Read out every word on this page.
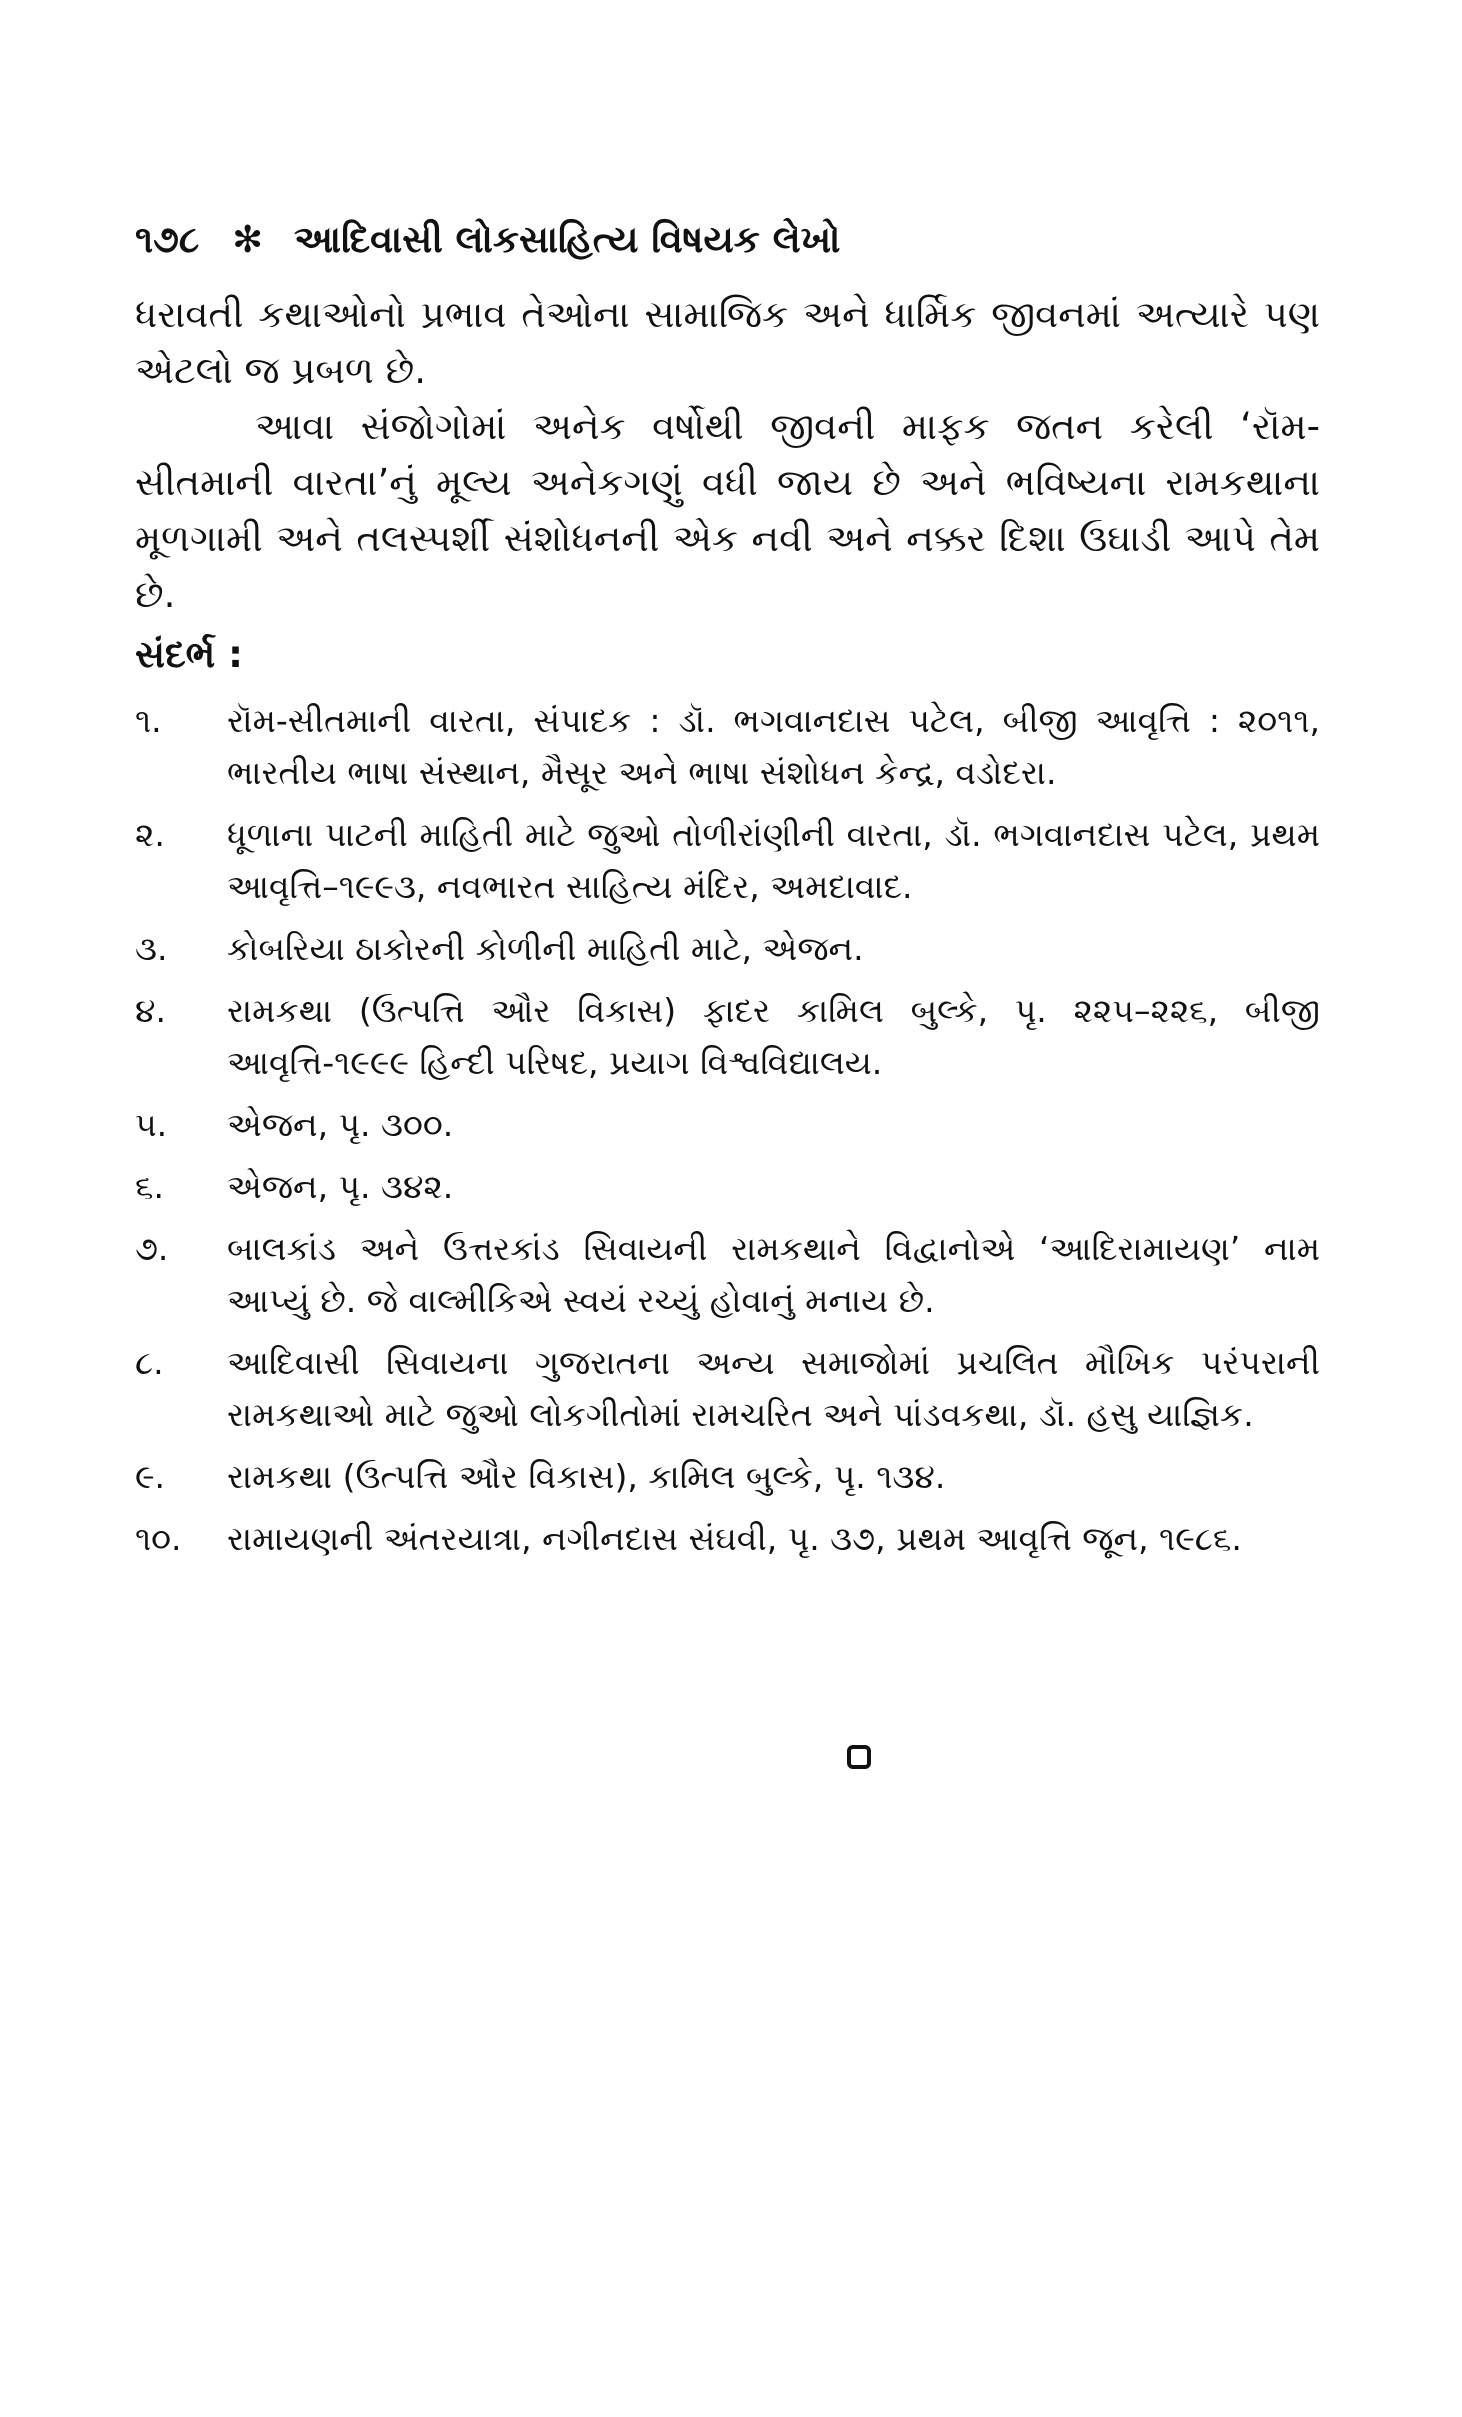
૧૭૮ ✻ આદિવાસી લોકસાહિત્ય વિષયક લેખો

ધરાવતી કથાઓનો પ્રભાવ તેઓના સામાજિક અને ધાર્મિક જીવનમાં અત્યારે પણ એટલો જ પ્રબળ છે.

આવા સંજોગોમાં અનેક વર્ષોથી જીવની માફક જતન કરેલી ‘રૉમ-સીતમાની વારતા’નું મૂલ્ય અનેકગણું વધી જાય છે અને ભવિષ્યના રામકથાના મૂળગામી અને તલસ્પર્શી સંશોધનની એક નવી અને નક્કર દિશા ઉઘાડી આપે તેમ છે.

સંદર્ભ :
૧.	રૉમ-સીતમાની વારતા, સંપાદક : ડૉ. ભગવાનદાસ પટેલ, બીજી આવૃત્તિ : ૨૦૧૧, ભારતીય ભાષા સંસ્થાન, મૈસૂર અને ભાષા સંશોધન કેન્દ્ર, વડોદરા.
૨.	ધૂળાના પાટની માહિતી માટે જુઓ તોળીરાંણીની વારતા, ડૉ. ભગવાનદાસ પટેલ, પ્રથમ આવૃત્તિ–૧૯૯૩, નવભારત સાહિત્ય મંદિર, અમદાવાદ.
૩.	કોબરિયા ઠાકોરની કોળીની માહિતી માટે, એજન.
૪.	રામકથા (ઉત્પત્તિ ઔર વિકાસ) ફાદર કામિલ બુલ્કે, પૃ. ૨૨૫–૨૨૬, બીજી આવૃત્તિ-૧૯૯૯ હિન્દી પરિષદ, પ્રયાગ વિશ્વવિદ્યાલય.
૫.	એજન, પૃ. ૩૦૦.
૬.	એજન, પૃ. ૩૪૨.
૭.	બાલકાંડ અને ઉત્તરકાંડ સિવાયની રામકથાને વિદ્વાનોએ ‘આદિરામાયણ’ નામ આપ્યું છે. જે વાલ્મીકિએ સ્વયં રચ્યું હોવાનું મનાય છે.
૮.	આદિવાસી સિવાયના ગુજરાતના અન્ય સમાજોમાં પ્રચલિત મૌખિક પરંપરાની રામકથાઓ માટે જુઓ લોકગીતોમાં રામચરિત અને પાંડવકથા, ડૉ. હસુ યાજ્ઞિક.
૯.	રામકથા (ઉત્પત્તિ ઔર વિકાસ), કામિલ બુલ્કે, પૃ. ૧૩૪.
૧૦.	રામાયણની અંતરયાત્રા, નગીનદાસ સંઘવી, પૃ. ૩૭, પ્રથમ આવૃત્તિ જૂન, ૧૯૮૬.
